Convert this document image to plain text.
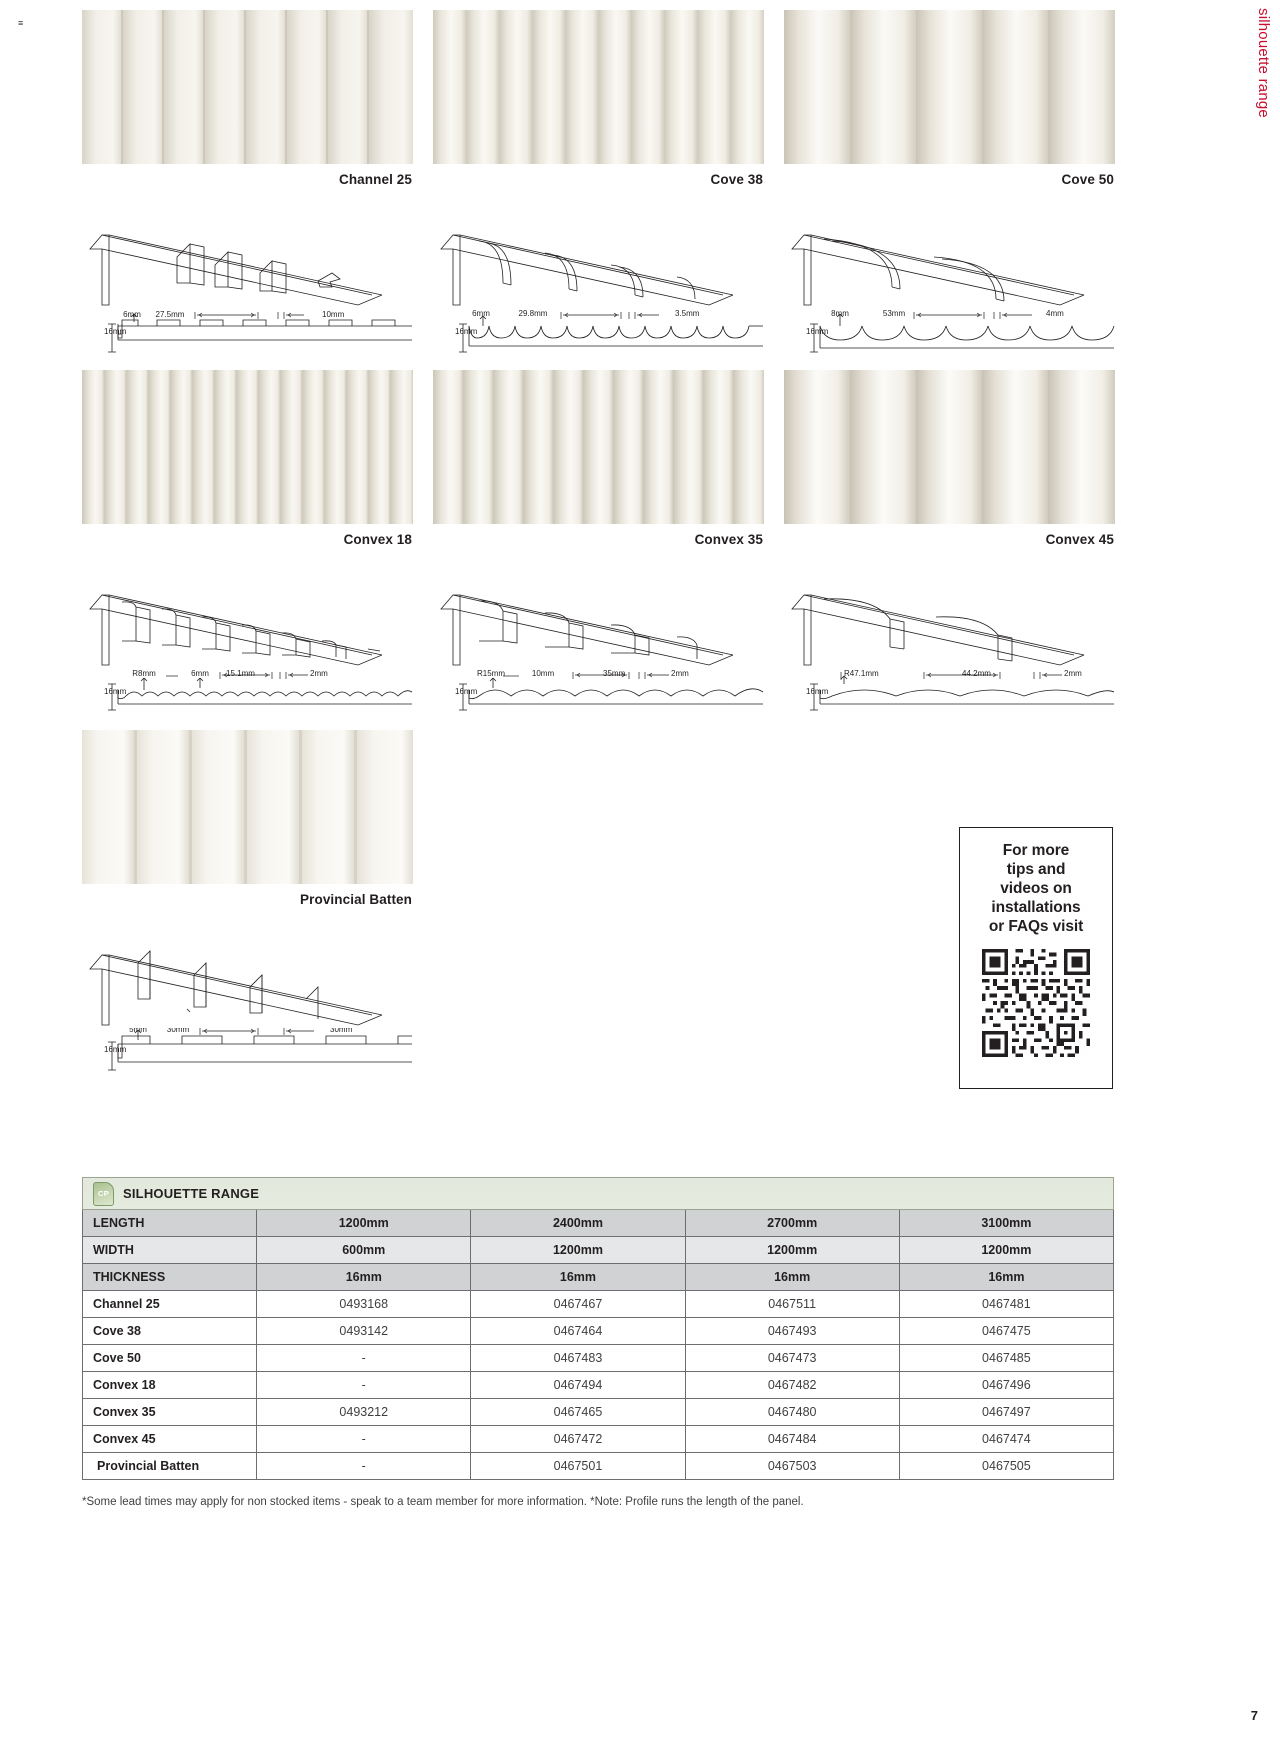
≡	silhouette range
Channel 25
16mm
6mm 27.5mm	10mm
Cove 38
16mm
6mm	29.8mm	3.5mm
Cove 50
16mm
8mm	53mm	4mm
Convex 18
16mm
R8mm	6mm 15.1mm	2mm
Convex 35
16mm
R15mm	10mm	35mm	2mm
Convex 45
R47.1mm
16mm
44.2mm	2mm
Provincial Batten
16mm
5mm 30mm	30mm
For more
tips and
videos on
installations
or FAQs visit
CP SILHOUETTE RANGE				

LENGTH	1200mm	2400mm	2700mm	3100mm
WIDTH	600mm	1200mm	1200mm	1200mm
THICKNESS	16mm	16mm	16mm	16mm
Channel 25	0493168	0467467	0467511	0467481
Cove 38	0493142	0467464	0467493	0467475
Cove 50	-	0467483	0467473	0467485
Convex 18	-	0467494	0467482	0467496
Convex 35	0493212	0467465	0467480	0467497
Convex 45	-	0467472	0467484	0467474
Provincial Batten	-	0467501	0467503	0467505
*Some lead times may apply for non stocked items - speak to a team member for more information. *Note: Profile runs the length of the panel.
7
